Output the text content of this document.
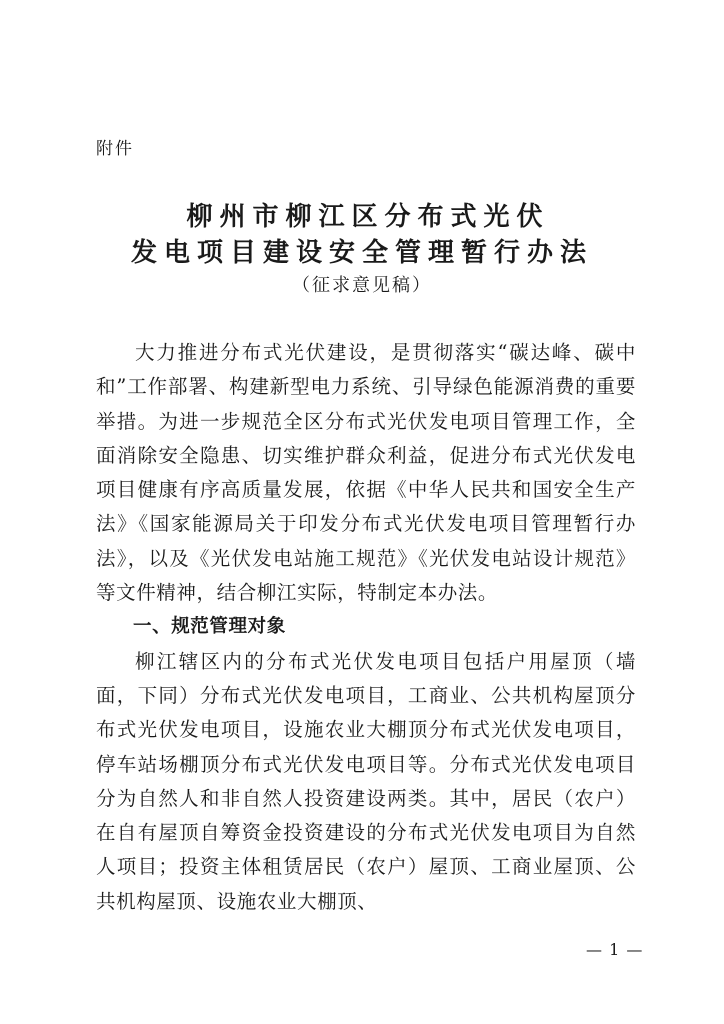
附件
柳州市柳江区分布式光伏
发电项目建设安全管理暂行办法
（征求意见稿）

大力推进分布式光伏建设，是贯彻落实“碳达峰、碳中和”工作部署、构建新型电力系统、引导绿色能源消费的重要举措。为进一步规范全区分布式光伏发电项目管理工作，全面消除安全隐患、切实维护群众利益，促进分布式光伏发电项目健康有序高质量发展，依据《中华人民共和国安全生产法》《国家能源局关于印发分布式光伏发电项目管理暂行办法》，以及《光伏发电站施工规范》《光伏发电站设计规范》等文件精神，结合柳江实际，特制定本办法。

一、规范管理对象

柳江辖区内的分布式光伏发电项目包括户用屋顶（墙面，下同）分布式光伏发电项目，工商业、公共机构屋顶分布式光伏发电项目，设施农业大棚顶分布式光伏发电项目，停车站场棚顶分布式光伏发电项目等。分布式光伏发电项目分为自然人和非自然人投资建设两类。其中，居民（农户）在自有屋顶自筹资金投资建设的分布式光伏发电项目为自然人项目；投资主体租赁居民（农户）屋顶、工商业屋顶、公共机构屋顶、设施农业大棚顶、

— 1 —
